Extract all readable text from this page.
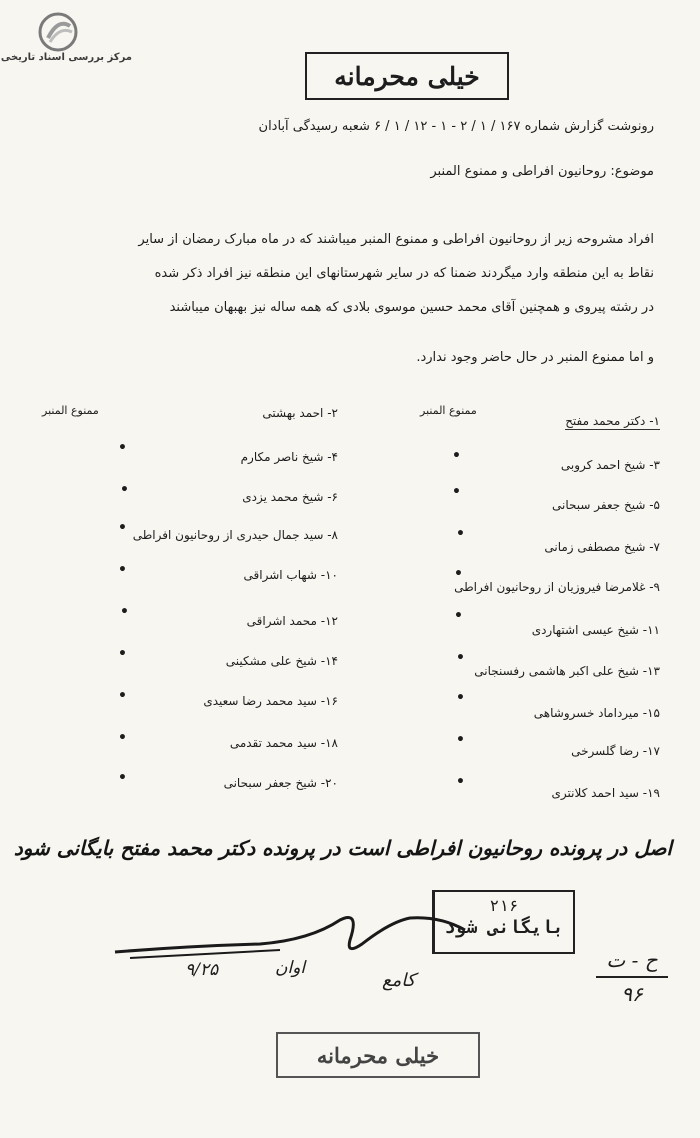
مرکز بررسی اسناد تاریخی
خیلی محرمانه
رونوشت گزارش شماره ۱۶۷ / ۱ / ۲ - ۱ - ۱۲ / ۱ / ۶ شعبه رسیدگی آبادان
موضوع: روحانیون افراطی و ممنوع المنبر
افراد مشروحه زیر از روحانیون افراطی و ممنوع المنبر میباشند که در ماه مبارک رمضان از سایر
نقاط به این منطقه وارد میگردند ضمنا که در سایر شهرستانهای این منطقه نیز افراد ذکر شده
در رشته پیروی و همچنین آقای محمد حسین موسوی بلادی که همه ساله نیز بهبهان میباشند
و اما ممنوع المنبر در حال حاضر وجود ندارد.
ممنوع المنبر
ممنوع المنبر
۱- دکتر محمد مفتح
۳- شیخ احمد کروبی
۵- شیخ جعفر سبحانی
۷- شیخ مصطفی زمانی
۹- غلامرضا فیروزیان از روحانیون افراطی
۱۱- شیخ عیسی اشتهاردی
۱۳- شیخ علی اکبر هاشمی رفسنجانی
۱۵- میرداماد خسروشاهی
۱۷- رضا گلسرخی
۱۹- سید احمد کلانتری
۲- احمد بهشتی
۴- شیخ ناصر مکارم
۶- شیخ محمد یزدی
۸- سید جمال حیدری از روحانیون افراطی
۱۰- شهاب اشراقی
۱۲- محمد اشراقی
۱۴- شیخ علی مشکینی
۱۶- سید محمد رضا سعیدی
۱۸- سید محمد تقدمی
۲۰- شیخ جعفر سبحانی
•
•
•
•
•
•
•
•
•
•
•
•
•
•
•
•
•
•
اصل در پرونده روحانیون افراطی است در پرونده دکتر محمد مفتح بایگانی شود
۲۱۶
بایگانی شود
۹/۲۵	اوان
کامع
ح - ت
۹۶
خیلی محرمانه
